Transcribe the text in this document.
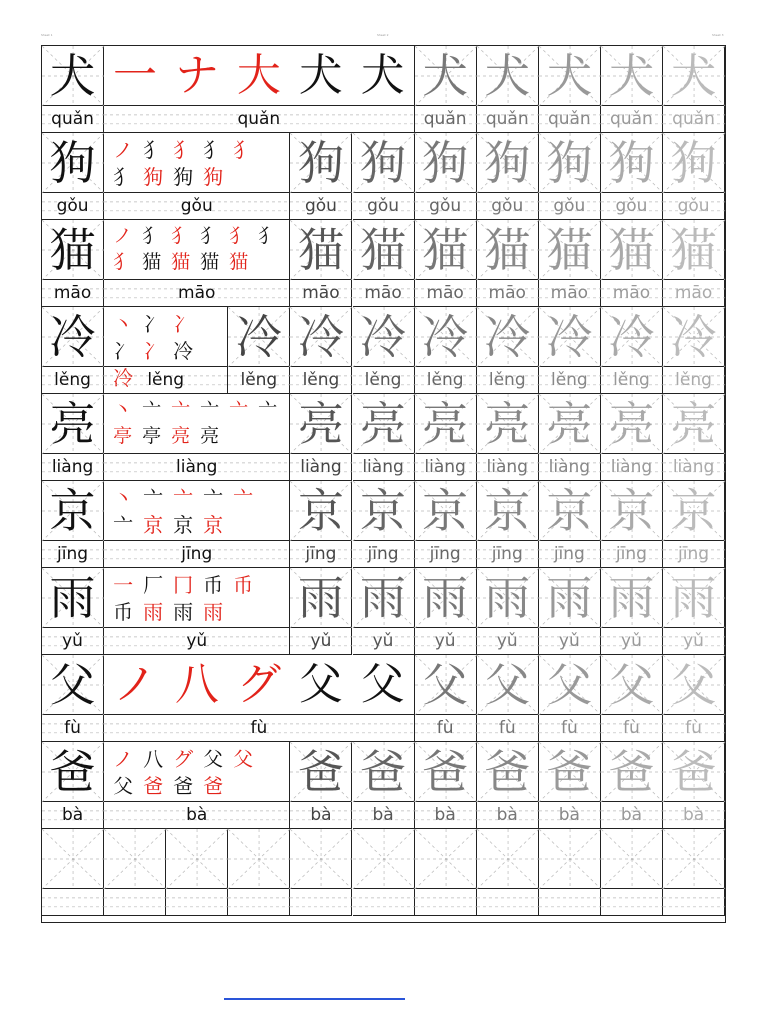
Sheet 1	Sheet 2	Sheet 3
犬
quǎn
一 ナ 大 犬 犬
quǎn
犬
quǎn
犬
quǎn
犬
quǎn
犬
quǎn
犬
quǎn
狗
gǒu
ノ 犭 犭 犭 犭
犭 狗 狗 狗
gǒu
狗
gǒu
狗
gǒu
狗
gǒu
狗
gǒu
狗
gǒu
狗
gǒu
狗
gǒu
猫
māo
ノ 犭 犭 犭 犭 犭
犭 猫 猫 猫 猫
māo
猫
māo
猫
māo
猫
māo
猫
māo
猫
māo
猫
māo
猫
māo
冷
lěng
丶 冫 冫
冫 冫 冷
冷 lěng
冷
lěng
冷
lěng
冷
lěng
冷
lěng
冷
lěng
冷
lěng
冷
lěng
冷
lěng
亮
liàng
丶 亠 亠 亠 亠 亠
亭 亭 亮 亮
liàng
亮
liàng
亮
liàng
亮
liàng
亮
liàng
亮
liàng
亮
liàng
亮
liàng
京
jīng
丶 亠 亠 亠 亠
亠 京 京 京
jīng
京
jīng
京
jīng
京
jīng
京
jīng
京
jīng
京
jīng
京
jīng
雨
yǔ
一 厂 冂 币 币
币 雨 雨 雨
yǔ
雨
yǔ
雨
yǔ
雨
yǔ
雨
yǔ
雨
yǔ
雨
yǔ
雨
yǔ
父
fù
ノ 八 グ 父 父
fù
父
fù
父
fù
父
fù
父
fù
父
fù
爸
bà
ノ 八 グ 父 父
父 爸 爸 爸
bà
爸
bà
爸
bà
爸
bà
爸
bà
爸
bà
爸
bà
爸
bà
